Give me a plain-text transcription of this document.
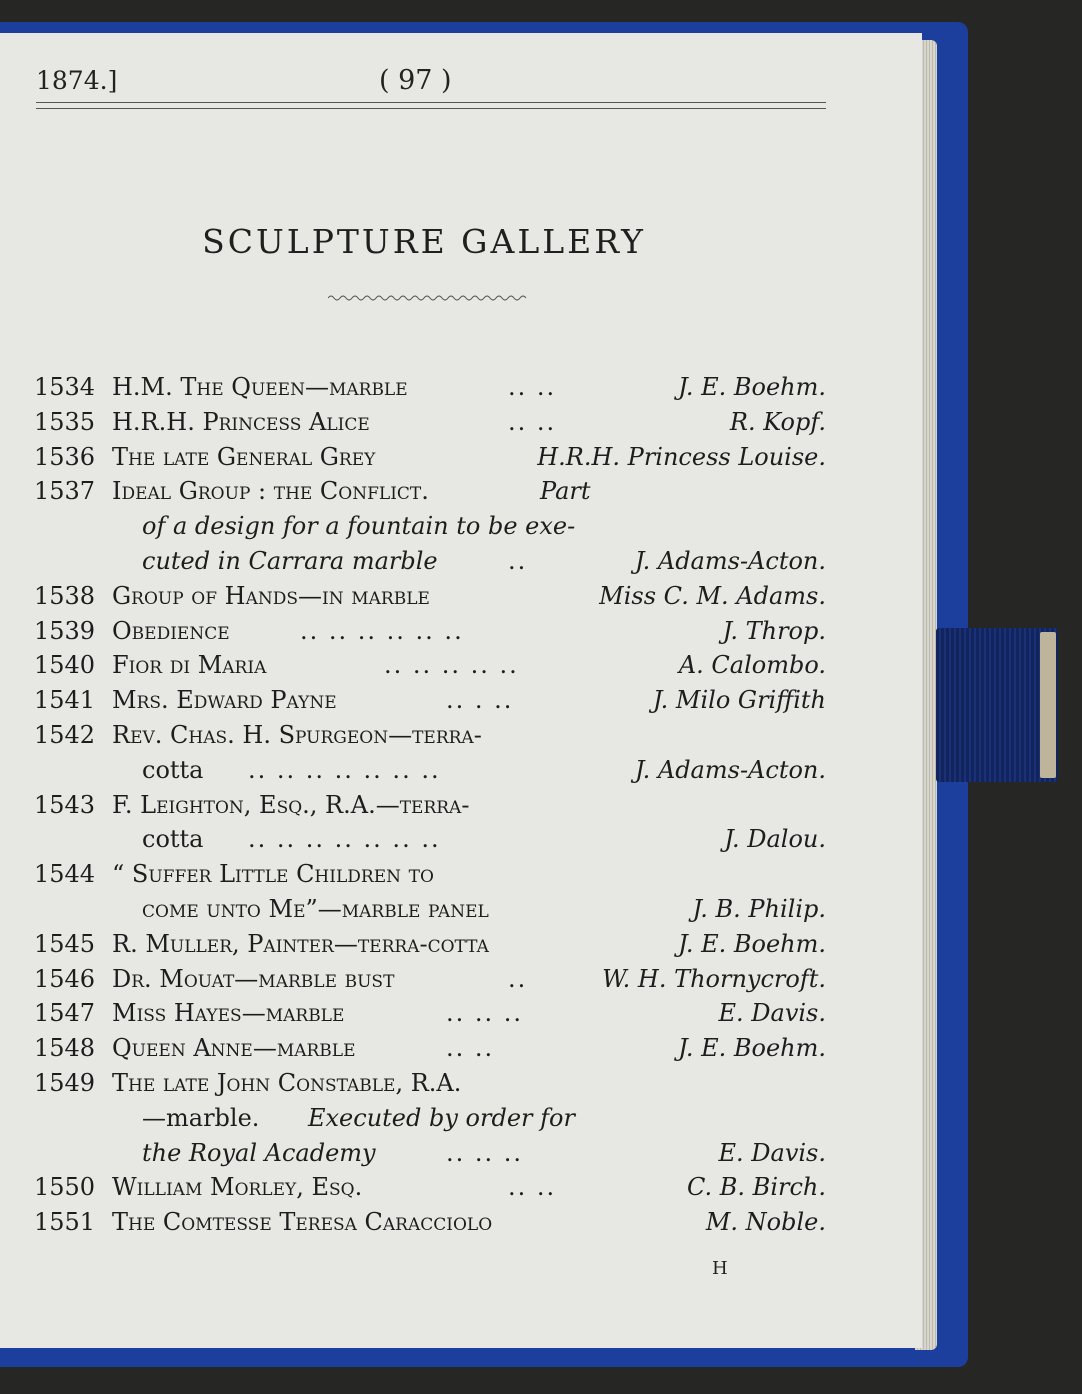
1874.]	( 97 )
SCULPTURE GALLERY
1534 H.M. The Queen—marble	.. ..	J. E. Boehm.
1535 H.R.H. Princess Alice	.. ..	R. Kopf.
1536 The late General Grey	H.R.H. Princess Louise.
1537 Ideal Group : the Conflict.	Part
of a design for a fountain to be exe-
cuted in Carrara marble	..	J. Adams-Acton.
1538 Group of Hands—in marble	Miss C. M. Adams.
1539 Obedience	.. .. .. .. .. ..	J. Throp.
1540 Fior di Maria	.. .. .. .. ..	A. Calombo.
1541 Mrs. Edward Payne	.. . ..	J. Milo Griffith
1542 Rev. Chas. H. Spurgeon—terra-
cotta .. .. .. .. .. .. ..	J. Adams-Acton.
1543 F. Leighton, Esq., R.A.—terra-
cotta .. .. .. .. .. .. ..	J. Dalou.
1544 “ Suffer Little Children to
come unto Me”—marble panel	J. B. Philip.
1545 R. Muller, Painter—terra-cotta	J. E. Boehm.
1546 Dr. Mouat—marble bust	..	W. H. Thornycroft.
1547 Miss Hayes—marble	.. .. ..	E. Davis.
1548 Queen Anne—marble	.. ..	J. E. Boehm.
1549 The late John Constable, R.A.
—marble. Executed by order for
the Royal Academy	.. .. ..	E. Davis.
1550 William Morley, Esq.	.. ..	C. B. Birch.
1551 The Comtesse Teresa Caracciolo	M. Noble.
H
